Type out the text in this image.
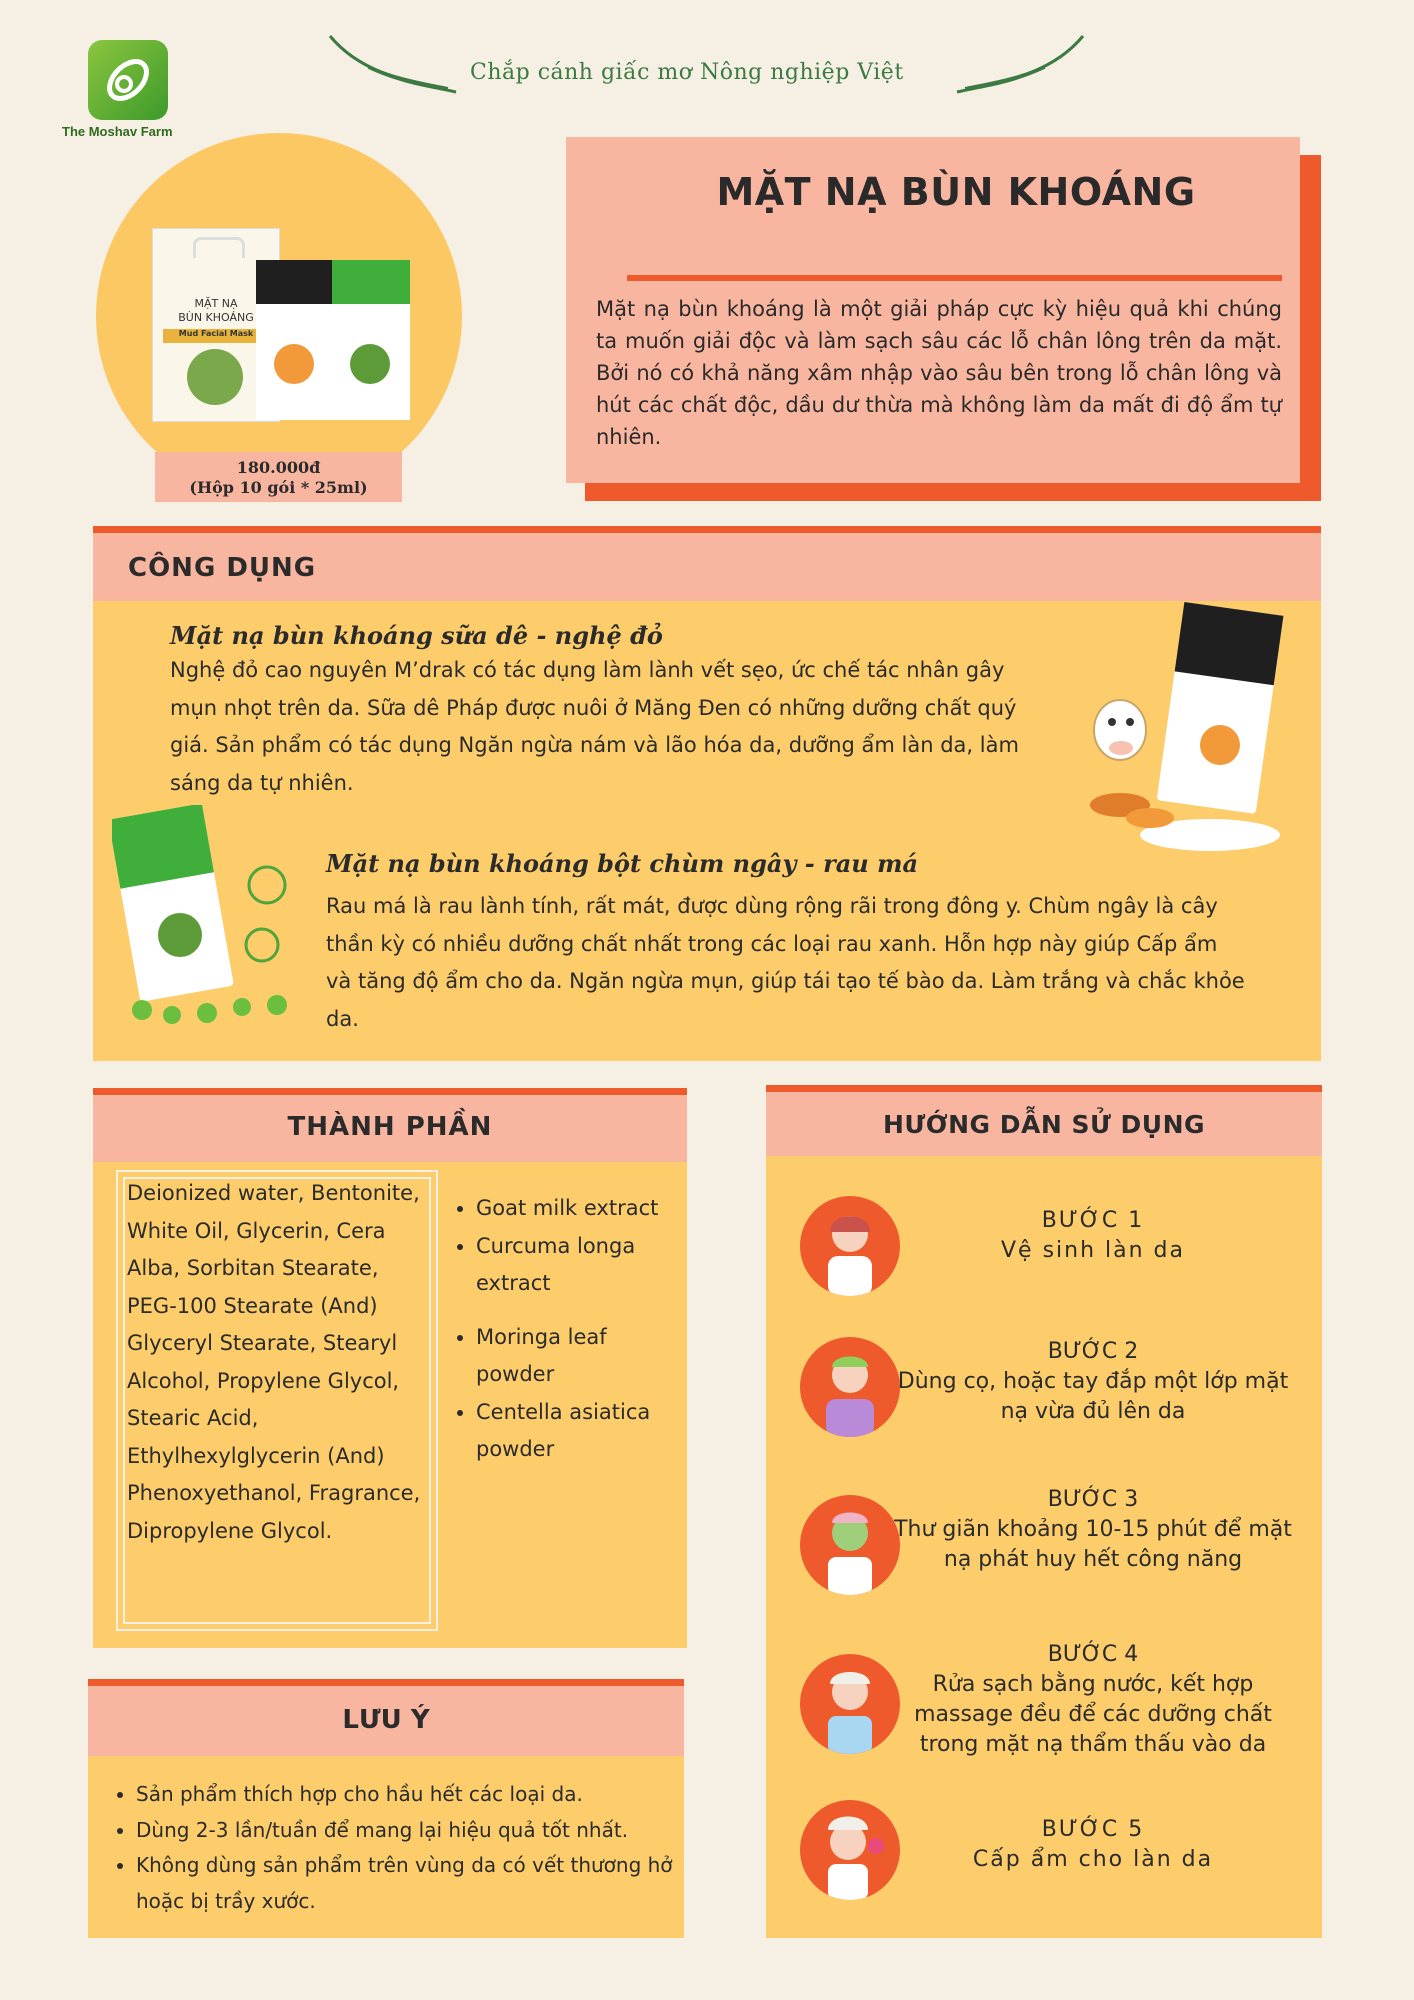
The Moshav Farm
Chắp cánh giấc mơ Nông nghiệp Việt
MẶT NẠ
BÙN KHOÁNG
Mud Facial Mask
180.000đ
(Hộp 10 gói * 25ml)
MẶT NẠ BÙN KHOÁNG
Mặt nạ bùn khoáng là một giải pháp cực kỳ hiệu quả khi chúng ta muốn giải độc và làm sạch sâu các lỗ chân lông trên da mặt. Bởi nó có khả năng xâm nhập vào sâu bên trong lỗ chân lông và hút các chất độc, dầu dư thừa mà không làm da mất đi độ ẩm tự nhiên.
CÔNG DỤNG
Mặt nạ bùn khoáng sữa dê - nghệ đỏ
Nghệ đỏ cao nguyên M’drak có tác dụng làm lành vết sẹo, ức chế tác nhân gây mụn nhọt trên da. Sữa dê Pháp được nuôi ở Măng Đen có những dưỡng chất quý giá. Sản phẩm có tác dụng Ngăn ngừa nám và lão hóa da, dưỡng ẩm làn da, làm sáng da tự nhiên.
Mặt nạ bùn khoáng bột chùm ngây - rau má
Rau má là rau lành tính, rất mát, được dùng rộng rãi trong đông y. Chùm ngây là cây thần kỳ có nhiều dưỡng chất nhất trong các loại rau xanh. Hỗn hợp này giúp Cấp ẩm và tăng độ ẩm cho da. Ngăn ngừa mụn, giúp tái tạo tế bào da. Làm trắng và chắc khỏe da.
THÀNH PHẦN
Deionized water, Bentonite, White Oil, Glycerin, Cera Alba, Sorbitan Stearate, PEG-100 Stearate (And) Glyceryl Stearate, Stearyl Alcohol, Propylene Glycol, Stearic Acid, Ethylhexylglycerin (And) Phenoxyethanol, Fragrance, Dipropylene Glycol.
• Goat milk extract
• Curcuma longa extract
• Moringa leaf powder
• Centella asiatica powder
LƯU Ý
• Sản phẩm thích hợp cho hầu hết các loại da.
• Dùng 2-3 lần/tuần để mang lại hiệu quả tốt nhất.
• Không dùng sản phẩm trên vùng da có vết thương hở hoặc bị trầy xước.
HƯỚNG DẪN SỬ DỤNG
BƯỚC 1
Vệ sinh làn da
BƯỚC 2
Dùng cọ, hoặc tay đắp một lớp mặt nạ vừa đủ lên da
BƯỚC 3
Thư giãn khoảng 10-15 phút để mặt nạ phát huy hết công năng
BƯỚC 4
Rửa sạch bằng nước, kết hợp massage đều để các dưỡng chất trong mặt nạ thẩm thấu vào da
BƯỚC 5
Cấp ẩm cho làn da
